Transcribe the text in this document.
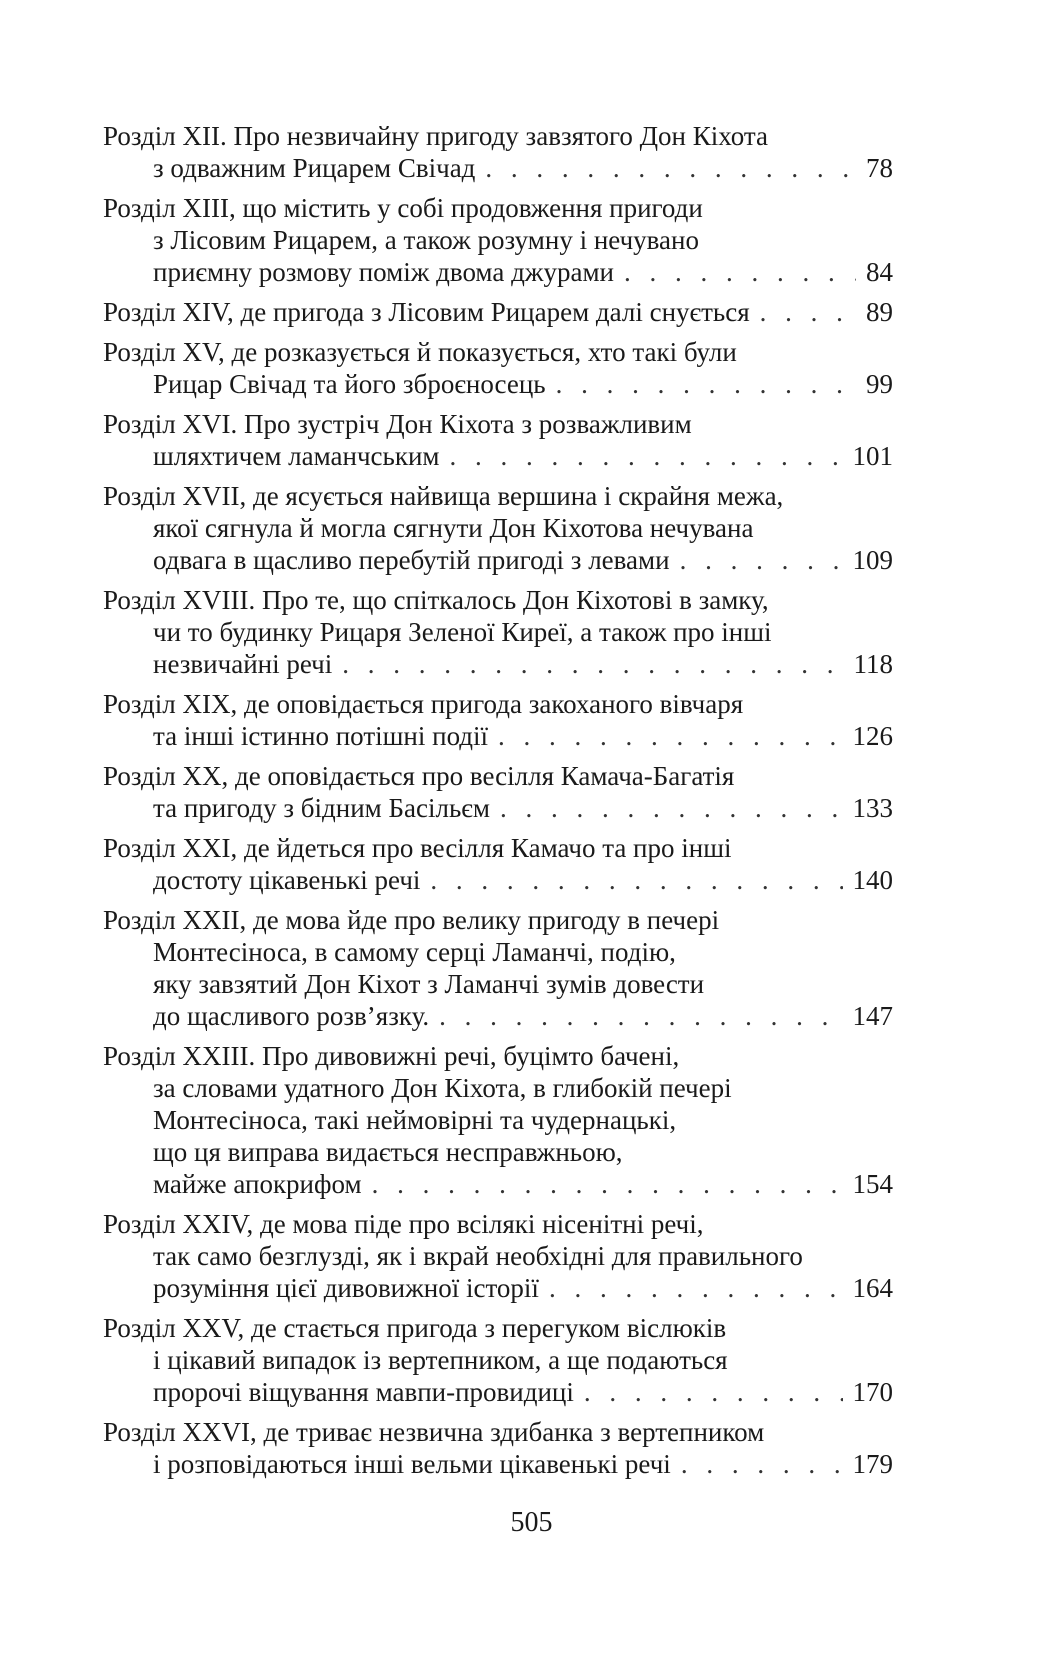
Розділ XII. Про незвичайну пригоду завзятого Дон Кіхота
з одважним Рицарем Свічад . . .	78
Розділ XIII, що містить у собі продовження пригоди
з Лісовим Рицарем, а також розумну і нечувано
приємну розмову поміж двома джурами . . .	84
Розділ XIV, де пригода з Лісовим Рицарем далі снується . . .	89
Розділ XV, де розказується й показується, хто такі були
Рицар Свічад та його зброєносець . . .	99
Розділ XVI. Про зустріч Дон Кіхота з розважливим
шляхтичем ламанчським . . .	101
Розділ XVII, де ясується найвища вершина і скрайня межа,
якої сягнула й могла сягнути Дон Кіхотова нечувана
одвага в щасливо перебутій пригоді з левами . . .	109
Розділ XVIII. Про те, що спіткалось Дон Кіхотові в замку,
чи то будинку Рицаря Зеленої Киреї, а також про інші
незвичайні речі . . .	118
Розділ XIX, де оповідається пригода закоханого вівчаря
та інші істинно потішні події . . .	126
Розділ XX, де оповідається про весілля Камача-Багатія
та пригоду з бідним Басільєм . . .	133
Розділ XXI, де йдеться про весілля Камачо та про інші
достоту цікавенькі речі . . .	140
Розділ XXII, де мова йде про велику пригоду в печері
Монтесіноса, в самому серці Ламанчі, подію,
яку завзятий Дон Кіхот з Ламанчі зумів довести
до щасливого розв’язку. . . .	147
Розділ XXIII. Про дивовижні речі, буцімто бачені,
за словами удатного Дон Кіхота, в глибокій печері
Монтесіноса, такі неймовірні та чудернацькі,
що ця виправа видається несправжньою,
майже апокрифом . . .	154
Розділ XXIV, де мова піде про всілякі нісенітні речі,
так само безглузді, як і вкрай необхідні для правильного
розуміння цієї дивовижної історії . . .	164
Розділ XXV, де стається пригода з перегуком віслюків
і цікавий випадок із вертепником, а ще подаються
пророчі віщування мавпи-провидиці . . .	170
Розділ XXVI, де триває незвична здибанка з вертепником
і розповідаються інші вельми цікавенькі речі . . .	179
505
